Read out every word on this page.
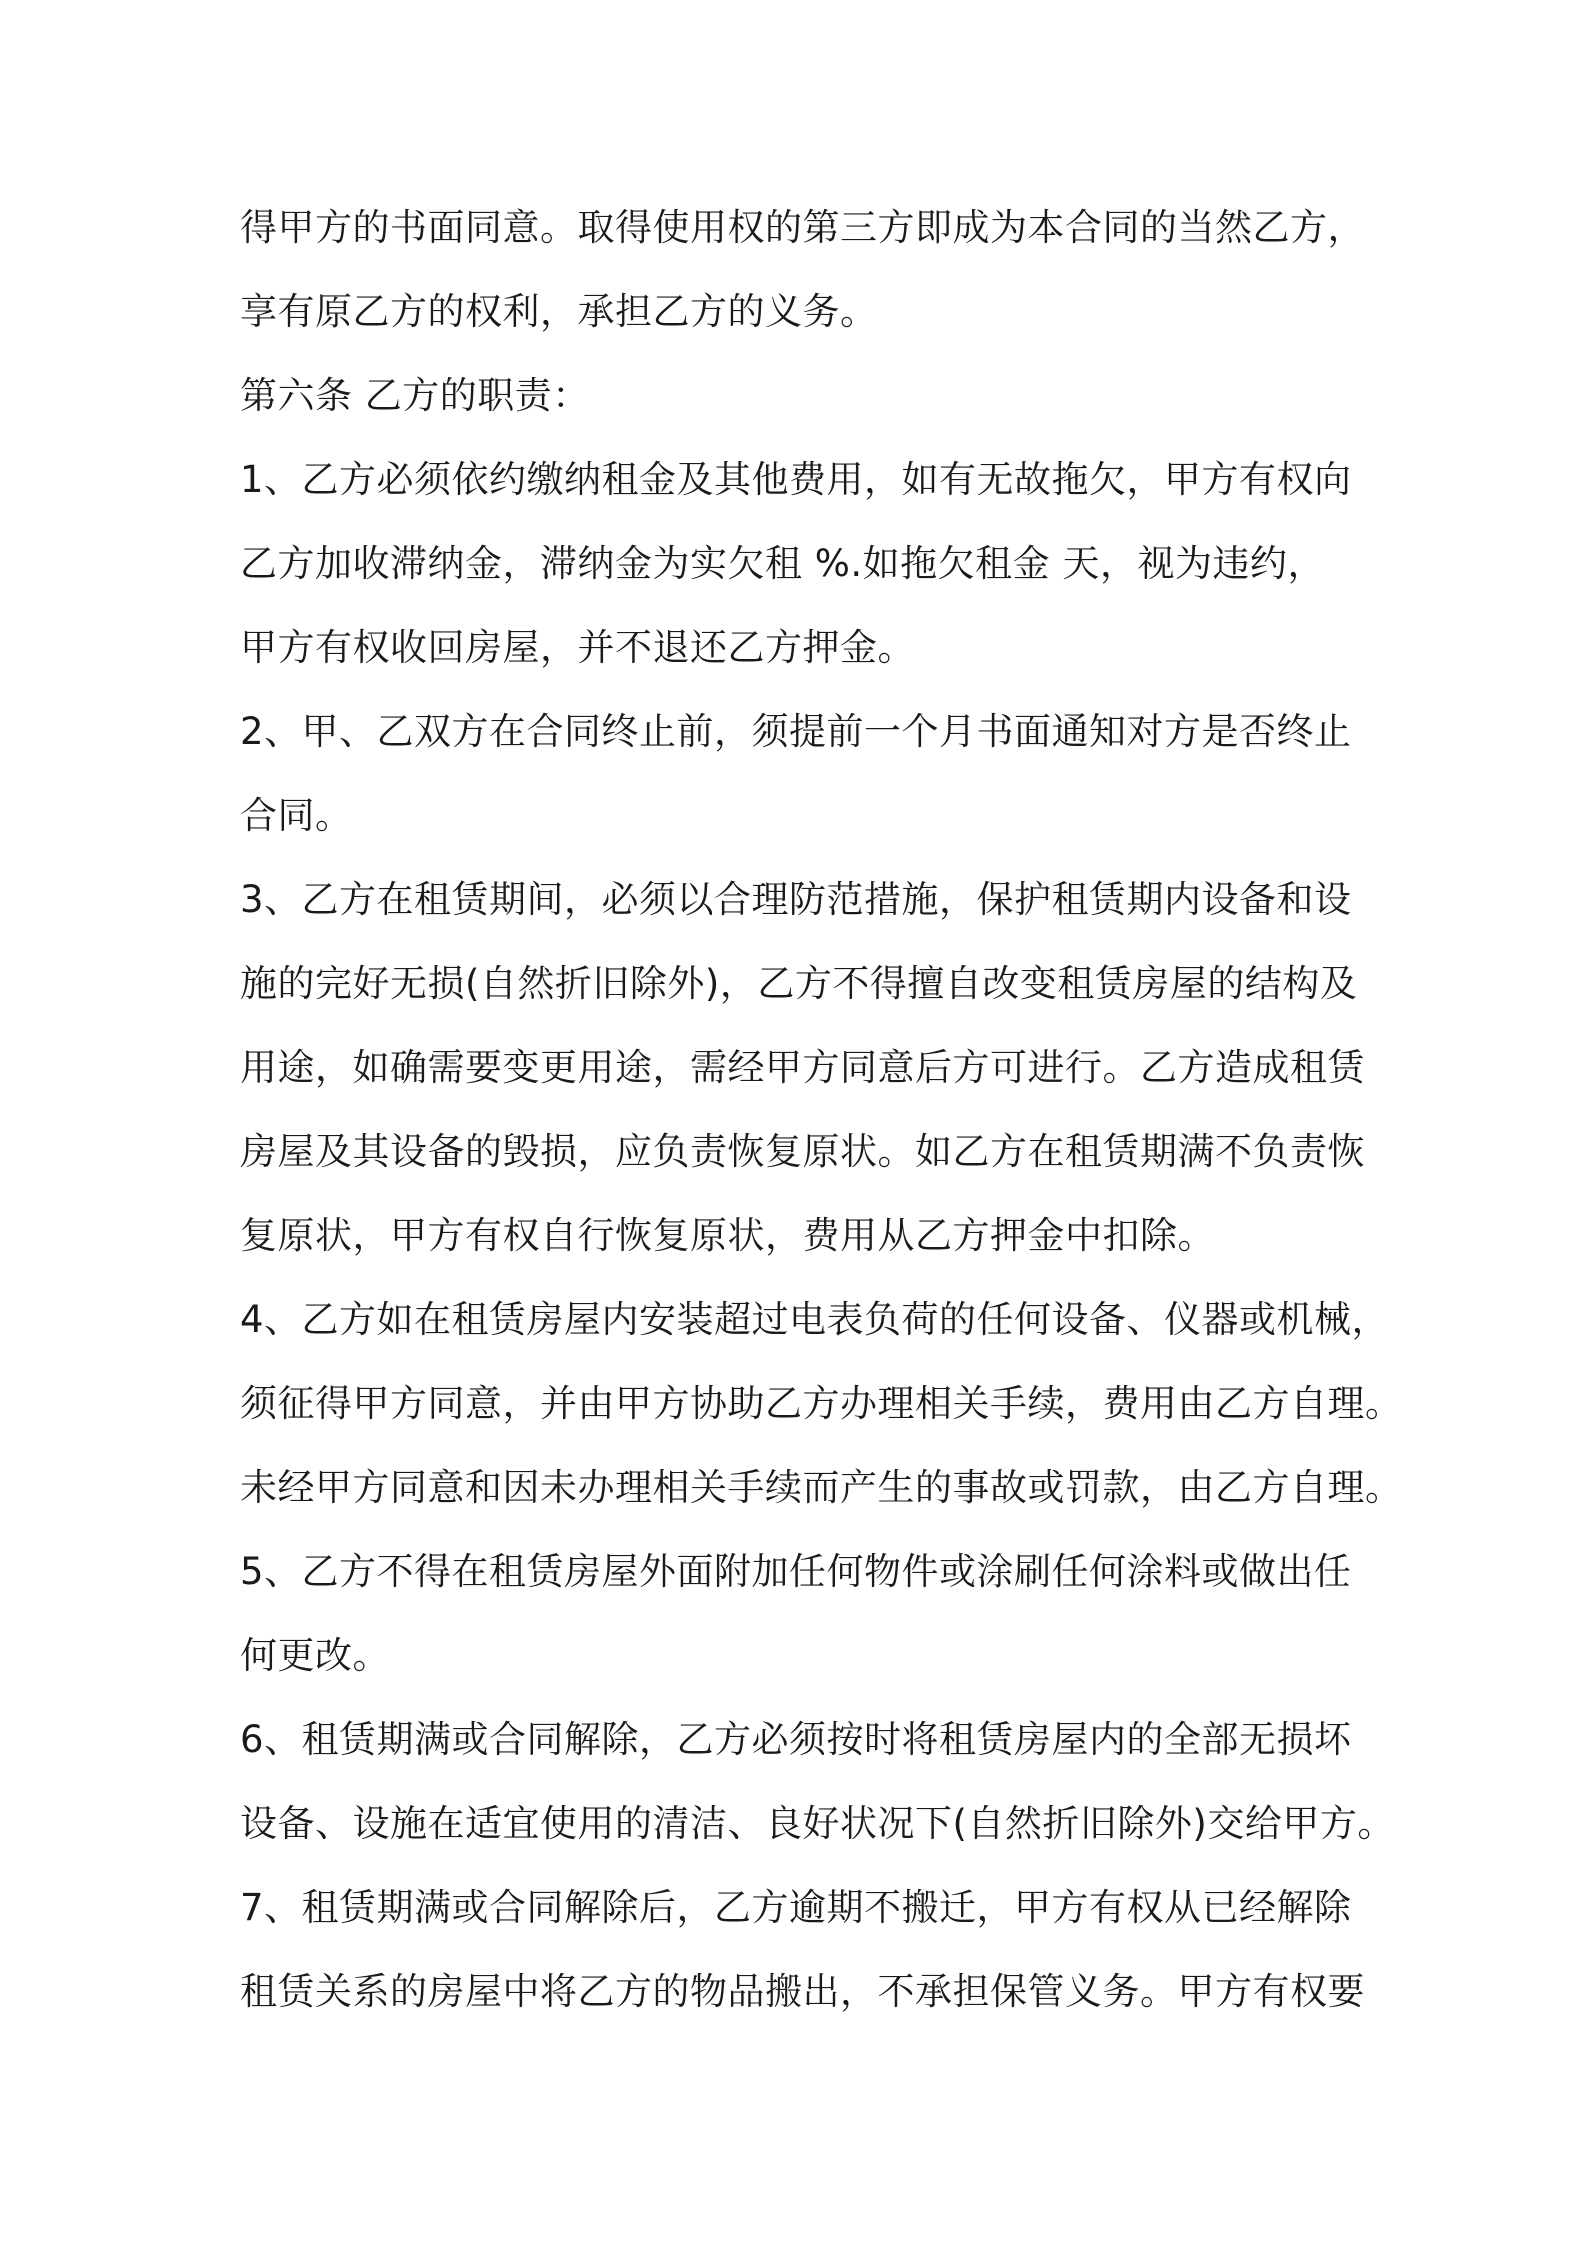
得甲方的书面同意。取得使用权的第三方即成为本合同的当然乙方，
享有原乙方的权利，承担乙方的义务。
第六条 乙方的职责：
1、乙方必须依约缴纳租金及其他费用，如有无故拖欠，甲方有权向
乙方加收滞纳金，滞纳金为实欠租 %.如拖欠租金 天，视为违约，
甲方有权收回房屋，并不退还乙方押金。
2、甲、乙双方在合同终止前，须提前一个月书面通知对方是否终止
合同。
3、乙方在租赁期间，必须以合理防范措施，保护租赁期内设备和设
施的完好无损(自然折旧除外)，乙方不得擅自改变租赁房屋的结构及
用途，如确需要变更用途，需经甲方同意后方可进行。乙方造成租赁
房屋及其设备的毁损，应负责恢复原状。如乙方在租赁期满不负责恢
复原状，甲方有权自行恢复原状，费用从乙方押金中扣除。
4、乙方如在租赁房屋内安装超过电表负荷的任何设备、仪器或机械，
须征得甲方同意，并由甲方协助乙方办理相关手续，费用由乙方自理。
未经甲方同意和因未办理相关手续而产生的事故或罚款，由乙方自理。
5、乙方不得在租赁房屋外面附加任何物件或涂刷任何涂料或做出任
何更改。
6、租赁期满或合同解除，乙方必须按时将租赁房屋内的全部无损坏
设备、设施在适宜使用的清洁、良好状况下(自然折旧除外)交给甲方。
7、租赁期满或合同解除后，乙方逾期不搬迁，甲方有权从已经解除
租赁关系的房屋中将乙方的物品搬出，不承担保管义务。甲方有权要
